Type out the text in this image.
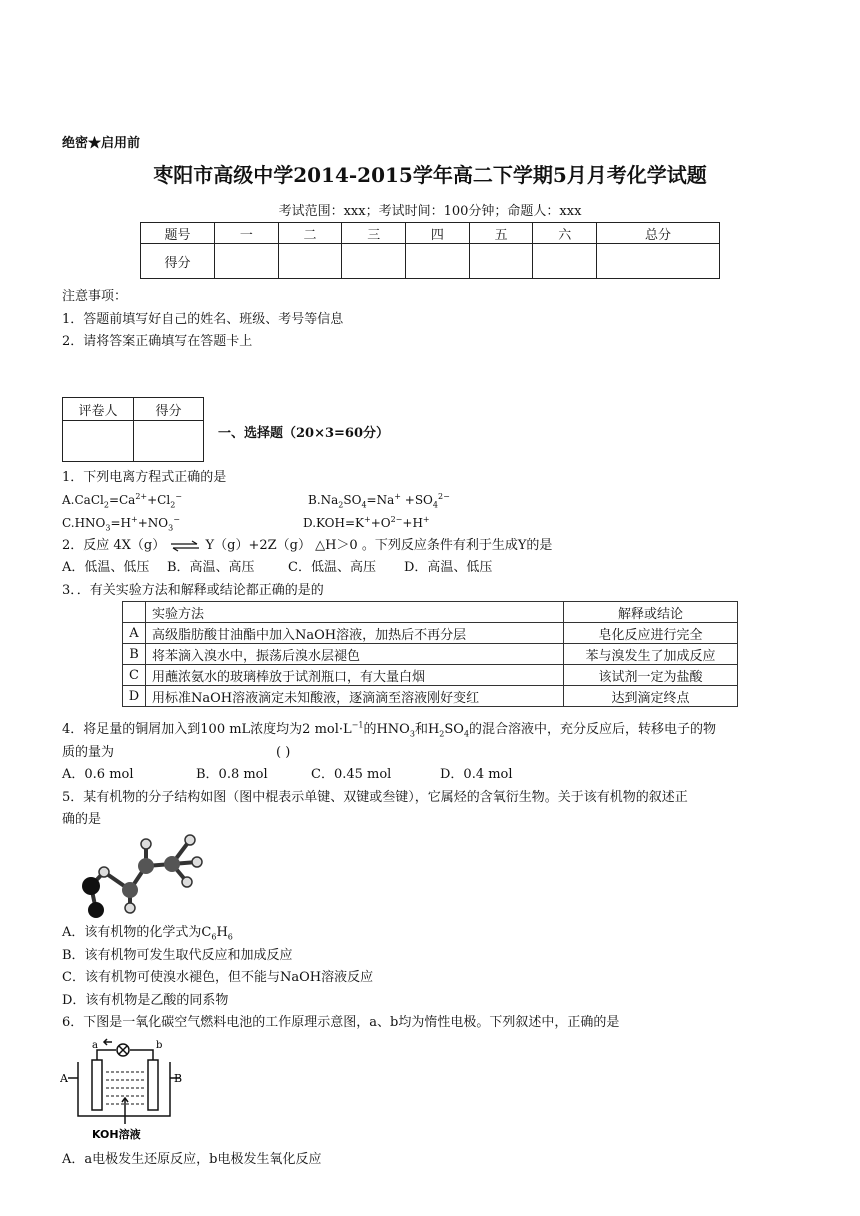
绝密★启用前
枣阳市高级中学2014-2015学年高二下学期5月月考化学试题
考试范围：xxx；考试时间：100分钟；命题人：xxx
题号	一	二	三	四	五	六	总分
得分							
注意事项：
1．答题前填写好自己的姓名、班级、考号等信息
2．请将答案正确填写在答题卡上
评卷人	得分

一、选择题（20×3=60分）
1．下列电离方程式正确的是
$A.CaCl_2=Ca^{2+}+Cl_2^-$	$B.Na_2SO_4=Na^+ +SO_4^{2-}$
$C.HNO_3=H^++NO_3^-$	$D.KOH=K^++O^{2-}+H^+$
2．反应 4X（g） ⇌ Y（g）+2Z（g） △H＞0 。下列反应条件有利于生成Y的是
A．低温、低压 B．高温、高压	C．低温、高压 D．高温、低压
3．．有关实验方法和解释或结论都正确的是的
	实验方法	解释或结论
A	高级脂肪酸甘油酯中加入NaOH溶液，加热后不再分层	皂化反应进行完全
B	将苯滴入溴水中，振荡后溴水层褪色	苯与溴发生了加成反应
C	用蘸浓氨水的玻璃棒放于试剂瓶口，有大量白烟	该试剂一定为盐酸
D	用标准NaOH溶液滴定未知酸液，逐滴滴至溶液刚好变红	达到滴定终点
4．将足量的铜屑加入到100 mL浓度均为2 $mol\cdot L^{-1}$的$HNO_3$和$H_2SO_4$的混合溶液中，充分反应后，转移电子的物
质的量为	( )
A．0.6 mol	B．0.8 mol	C．0.45 mol	D．0.4 mol
5．某有机物的分子结构如图（图中棍表示单键、双键或叁键），它属烃的含氧衍生物。关于该有机物的叙述正
确的是
A．该有机物的化学式为$C_6H_6$
B．该有机物可发生取代反应和加成反应
C．该有机物可使溴水褪色，但不能与NaOH溶液反应
D．该有机物是乙酸的同系物
6．下图是一氧化碳空气燃料电池的工作原理示意图，a、b均为惰性电极。下列叙述中，正确的是
a	b
A	B
KOH溶液
A．a电极发生还原反应，b电极发生氧化反应
